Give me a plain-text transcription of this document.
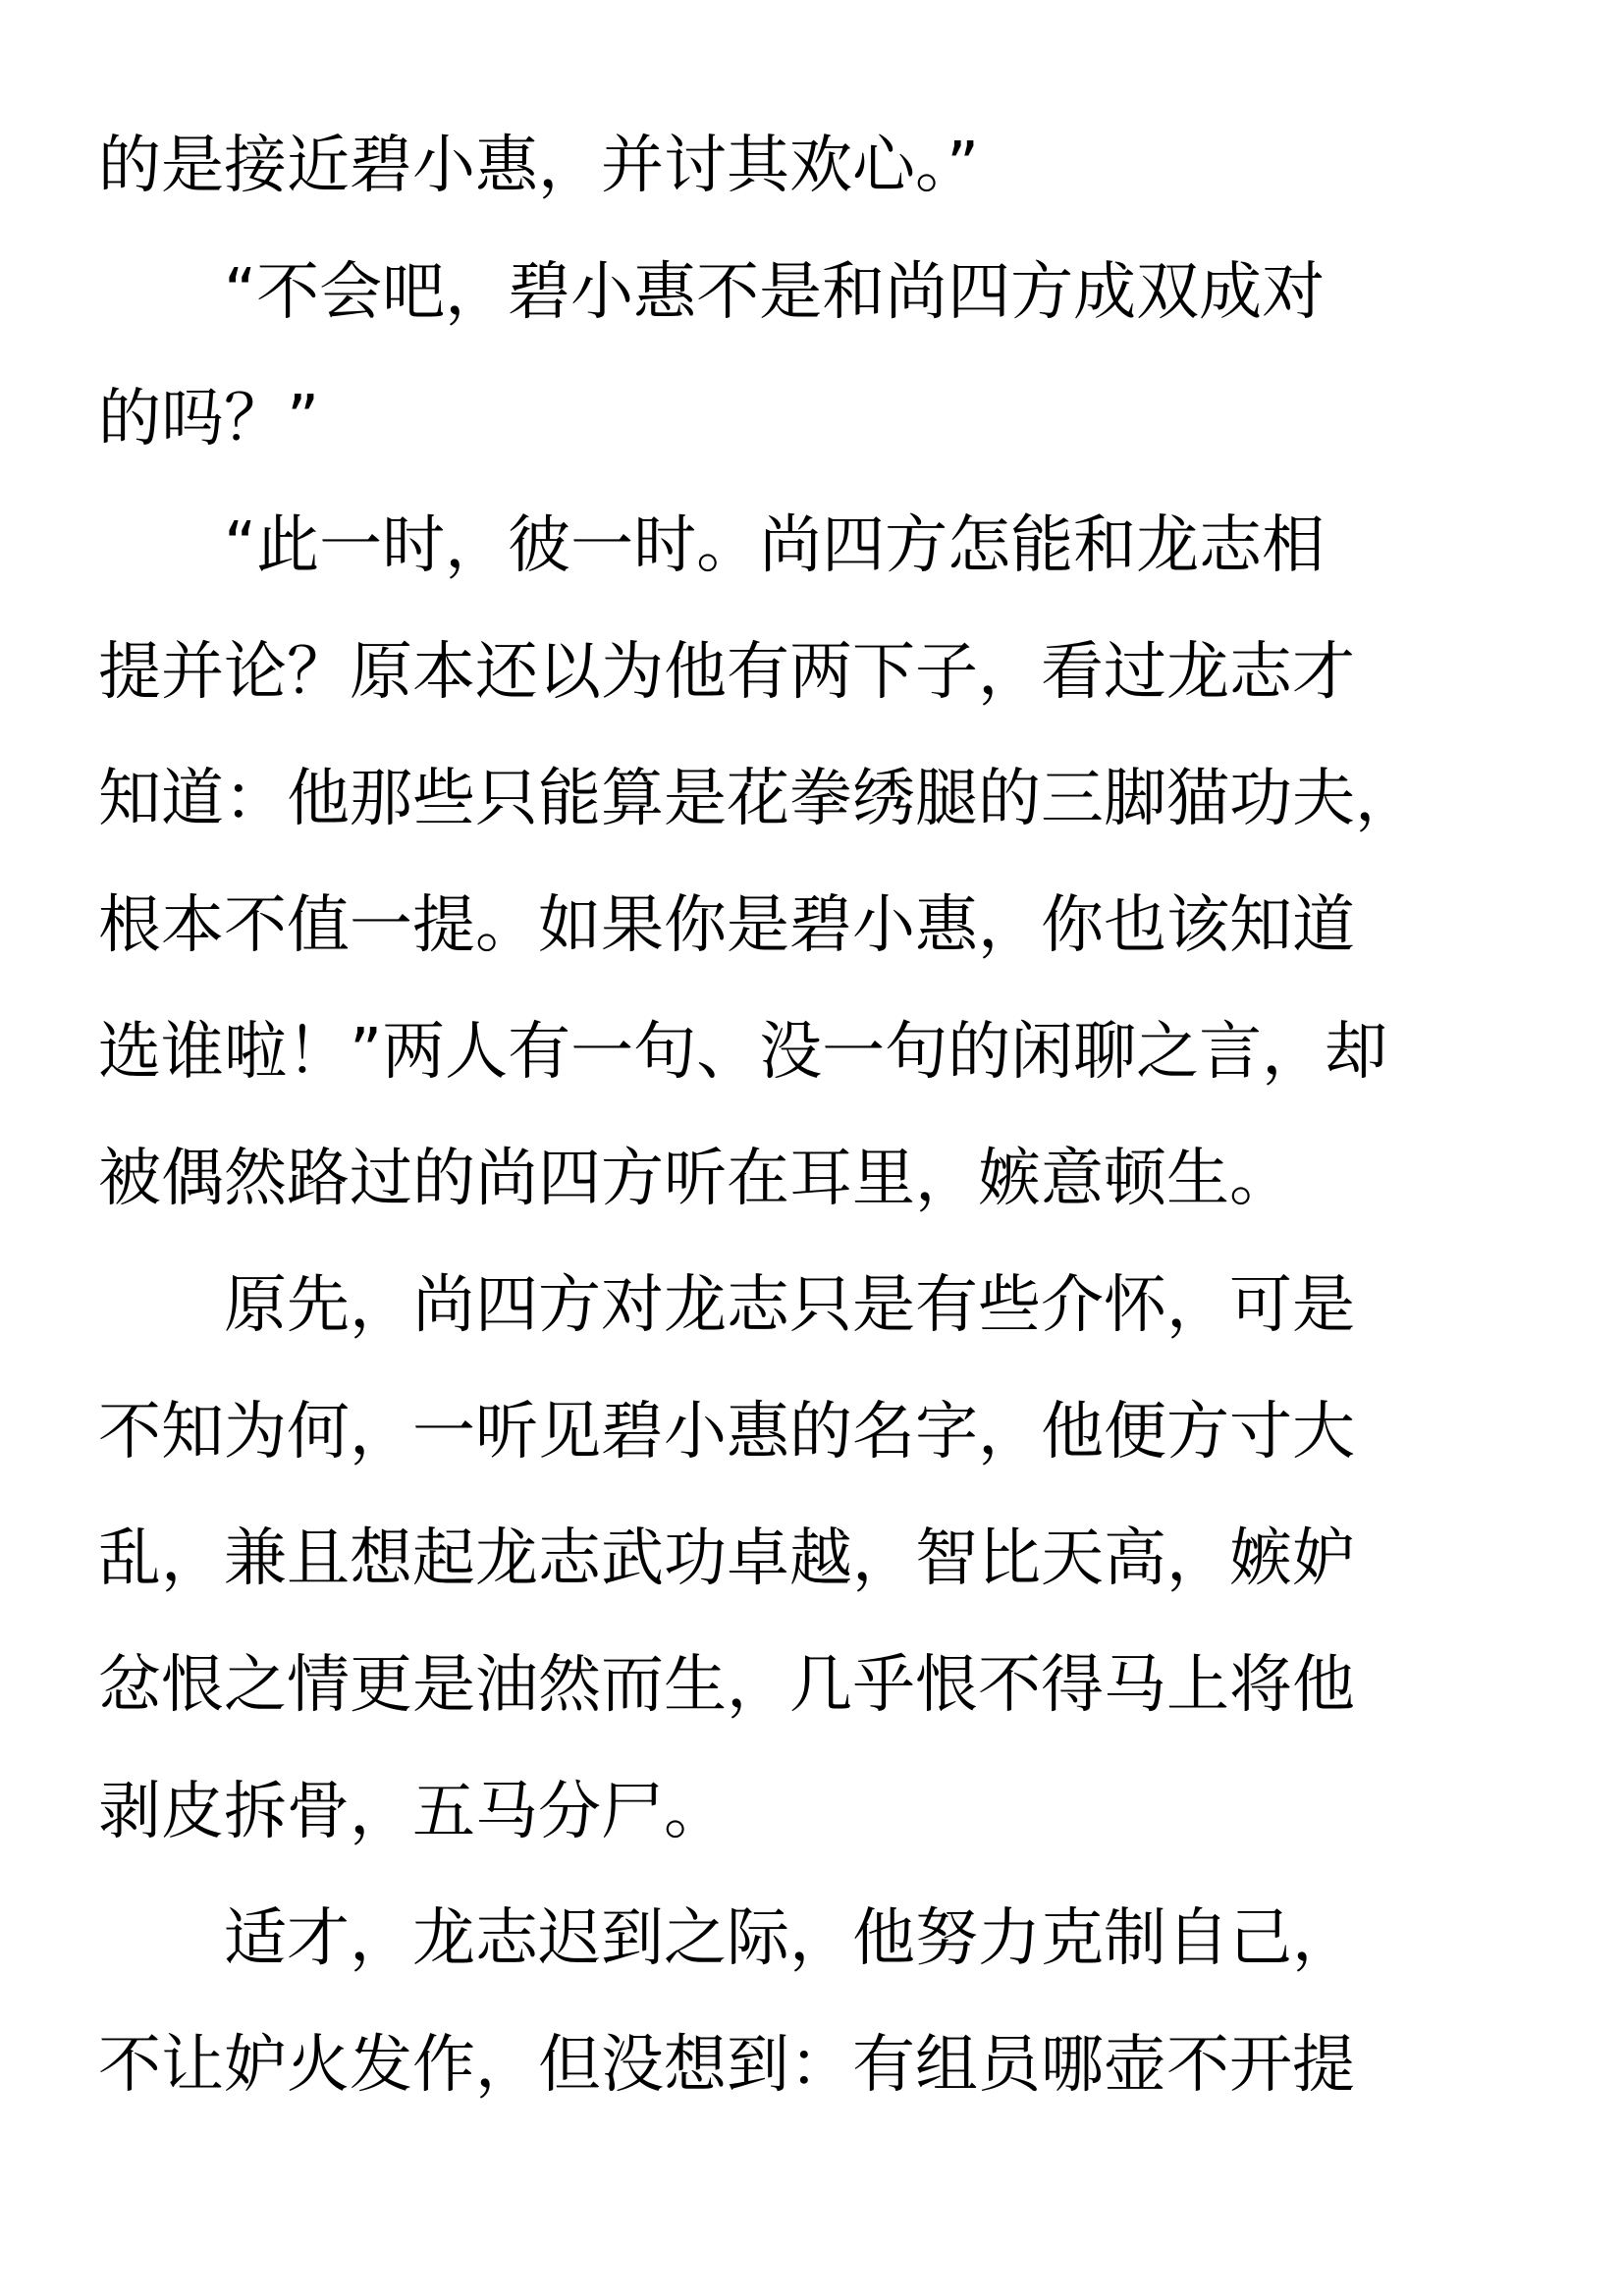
的是接近碧小惠，并讨其欢心。”
“不会吧，碧小惠不是和尚四方成双成对
的吗？”
“此一时，彼一时。尚四方怎能和龙志相
提并论？原本还以为他有两下子，看过龙志才
知道：他那些只能算是花拳绣腿的三脚猫功夫，
根本不值一提。如果你是碧小惠，你也该知道
选谁啦！”两人有一句、没一句的闲聊之言，却
被偶然路过的尚四方听在耳里，嫉意顿生。
原先，尚四方对龙志只是有些介怀，可是
不知为何，一听见碧小惠的名字，他便方寸大
乱，兼且想起龙志武功卓越，智比天高，嫉妒
忿恨之情更是油然而生，几乎恨不得马上将他
剥皮拆骨，五马分尸。
适才，龙志迟到之际，他努力克制自己，
不让妒火发作，但没想到：有组员哪壶不开提
